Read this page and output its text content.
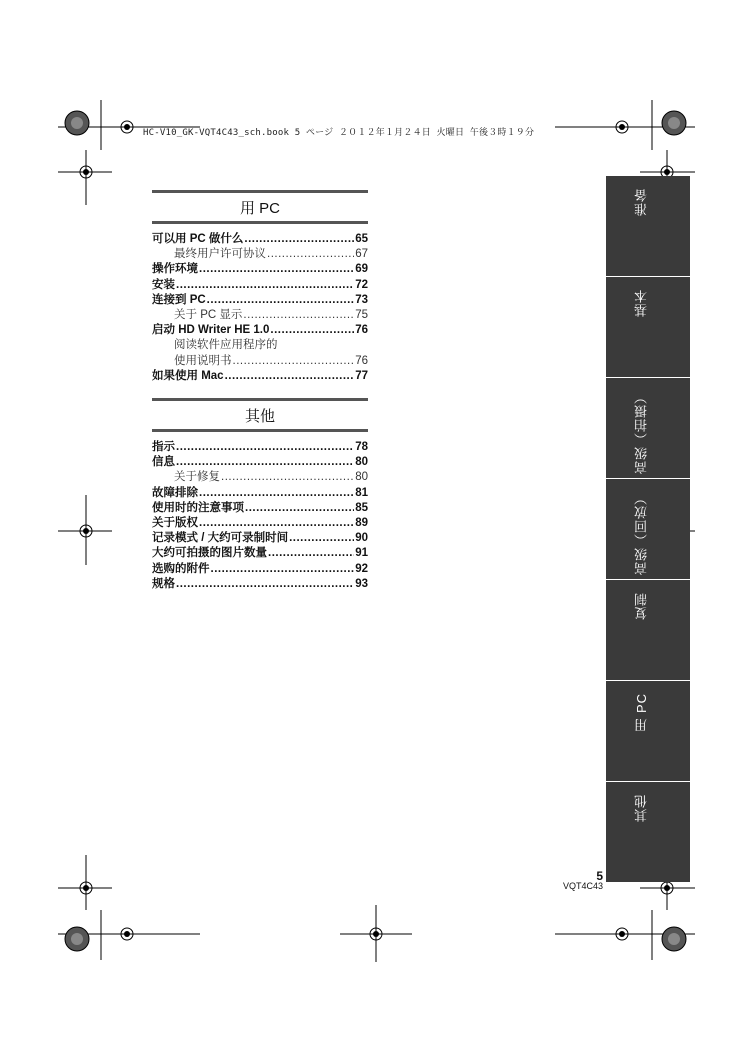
HC-V10_GK-VQT4C43_sch.book 5 ページ ２０１２年１月２４日 火曜日 午後３時１９分
用 PC
可以用 PC 做什么 .....	65
最终用户许可协议 .....	67
操作环境 .....	69
安装 .....	72
连接到 PC .....	73
关于 PC 显示 .....	75
启动 HD Writer HE 1.0 .....	76
阅读软件应用程序的
使用说明书 .....	76
如果使用 Mac .....	77
其他
指示 .....	78
信息 .....	80
关于修复 .....	80
故障排除 .....	81
使用时的注意事项 .....	85
关于版权 .....	89
记录模式 / 大约可录制时间 .....	90
大约可拍摄的图片数量 .....	91
选购的附件 .....	92
规格 .....	93
准备
基本
高级（拍摄）
高级（回放）
复制
用 PC
其他
5
VQT4C43
